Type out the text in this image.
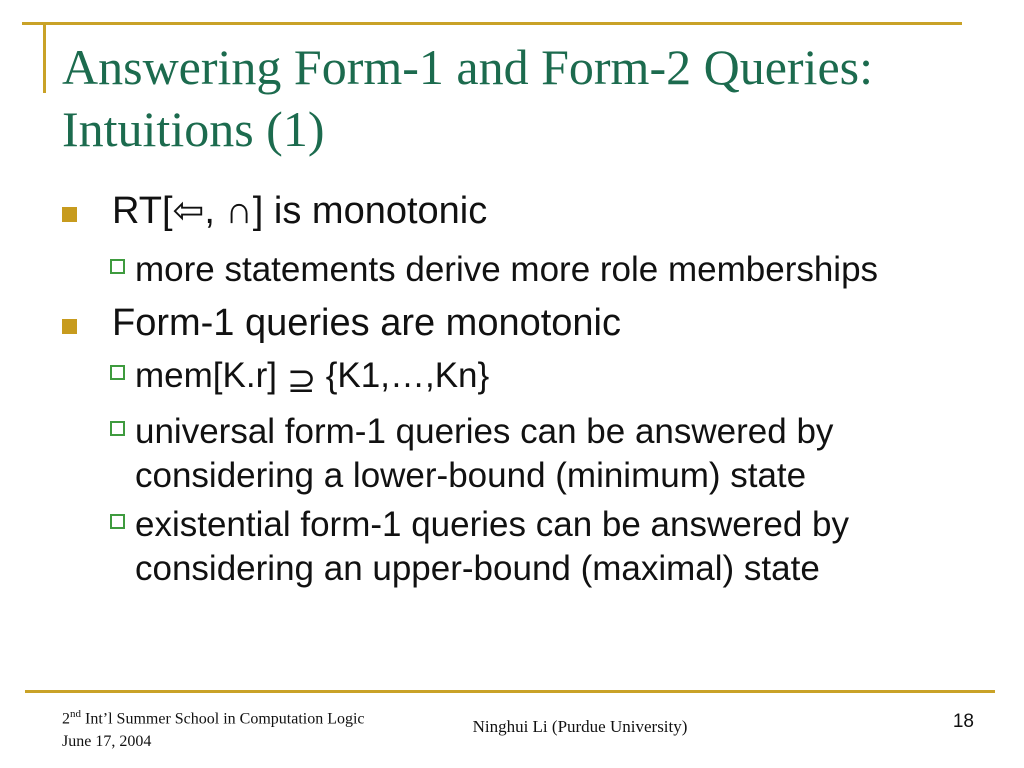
Answering Form-1 and Form-2 Queries:
Intuitions (1)
RT[⇦, ∩] is monotonic
more statements derive more role memberships
Form-1 queries are monotonic
mem[K.r] ⊇ {K1,…,Kn}
universal form-1 queries can be answered by considering a lower-bound (minimum) state
existential form-1 queries can be answered by considering an upper-bound (maximal) state
2nd Int’l Summer School in Computation Logic
June 17, 2004
Ninghui Li (Purdue University)	18
